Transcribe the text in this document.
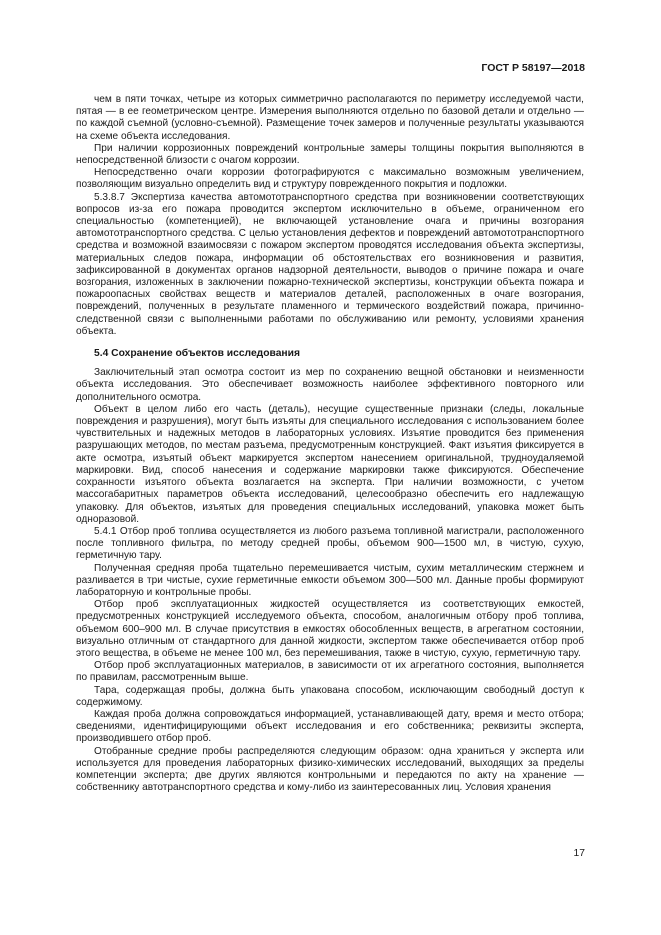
ГОСТ Р 58197—2018

чем в пяти точках, четыре из которых симметрично располагаются по периметру исследуемой части, пятая — в ее геометрическом центре. Измерения выполняются отдельно по базовой детали и отдельно — по каждой съемной (условно-съемной). Размещение точек замеров и полученные результаты указываются на схеме объекта исследования.

При наличии коррозионных повреждений контрольные замеры толщины покрытия выполняются в непосредственной близости с очагом коррозии.

Непосредственно очаги коррозии фотографируются с максимально возможным увеличением, позволяющим визуально определить вид и структуру поврежденного покрытия и подложки.

5.3.8.7 Экспертиза качества автомототранспортного средства при возникновении соответствующих вопросов из-за его пожара проводится экспертом исключительно в объеме, ограниченном его специальностью (компетенцией), не включающей установление очага и причины возгорания автомототранспортного средства. С целью установления дефектов и повреждений автомототранспортного средства и возможной взаимосвязи с пожаром экспертом проводятся исследования объекта экспертизы, материальных следов пожара, информации об обстоятельствах его возникновения и развития, зафиксированной в документах органов надзорной деятельности, выводов о причине пожара и очаге возгорания, изложенных в заключении пожарно-технической экспертизы, конструкции объекта пожара и пожароопасных свойствах веществ и материалов деталей, расположенных в очаге возгорания, повреждений, полученных в результате пламенного и термического воздействий пожара, причинно-следственной связи с выполненными работами по обслуживанию или ремонту, условиями хранения объекта.

5.4 Сохранение объектов исследования

Заключительный этап осмотра состоит из мер по сохранению вещной обстановки и неизменности объекта исследования. Это обеспечивает возможность наиболее эффективного повторного или дополнительного осмотра.

Объект в целом либо его часть (деталь), несущие существенные признаки (следы, локальные повреждения и разрушения), могут быть изъяты для специального исследования с использованием более чувствительных и надежных методов в лабораторных условиях. Изъятие проводится без применения разрушающих методов, по местам разъема, предусмотренным конструкцией. Факт изъятия фиксируется в акте осмотра, изъятый объект маркируется экспертом нанесением оригинальной, трудноудаляемой маркировки. Вид, способ нанесения и содержание маркировки также фиксируются. Обеспечение сохранности изъятого объекта возлагается на эксперта. При наличии возможности, с учетом массогабаритных параметров объекта исследований, целесообразно обеспечить его надлежащую упаковку. Для объектов, изъятых для проведения специальных исследований, упаковка может быть одноразовой.

5.4.1 Отбор проб топлива осуществляется из любого разъема топливной магистрали, расположенного после топливного фильтра, по методу средней пробы, объемом 900—1500 мл, в чистую, сухую, герметичную тару.

Полученная средняя проба тщательно перемешивается чистым, сухим металлическим стержнем и разливается в три чистые, сухие герметичные емкости объемом 300—500 мл. Данные пробы формируют лабораторную и контрольные пробы.

Отбор проб эксплуатационных жидкостей осуществляется из соответствующих емкостей, предусмотренных конструкцией исследуемого объекта, способом, аналогичным отбору проб топлива, объемом 600–900 мл. В случае присутствия в емкостях обособленных веществ, в агрегатном состоянии, визуально отличным от стандартного для данной жидкости, экспертом также обеспечивается отбор проб этого вещества, в объеме не менее 100 мл, без перемешивания, также в чистую, сухую, герметичную тару.

Отбор проб эксплуатационных материалов, в зависимости от их агрегатного состояния, выполняется по правилам, рассмотренным выше.

Тара, содержащая пробы, должна быть упакована способом, исключающим свободный доступ к содержимому.

Каждая проба должна сопровождаться информацией, устанавливающей дату, время и место отбора; сведениями, идентифицирующими объект исследования и его собственника; реквизиты эксперта, производившего отбор проб.

Отобранные средние пробы распределяются следующим образом: одна храниться у эксперта или используется для проведения лабораторных физико-химических исследований, выходящих за пределы компетенции эксперта; две других являются контрольными и передаются по акту на хранение — собственнику автотранспортного средства и кому-либо из заинтересованных лиц. Условия хранения

17
